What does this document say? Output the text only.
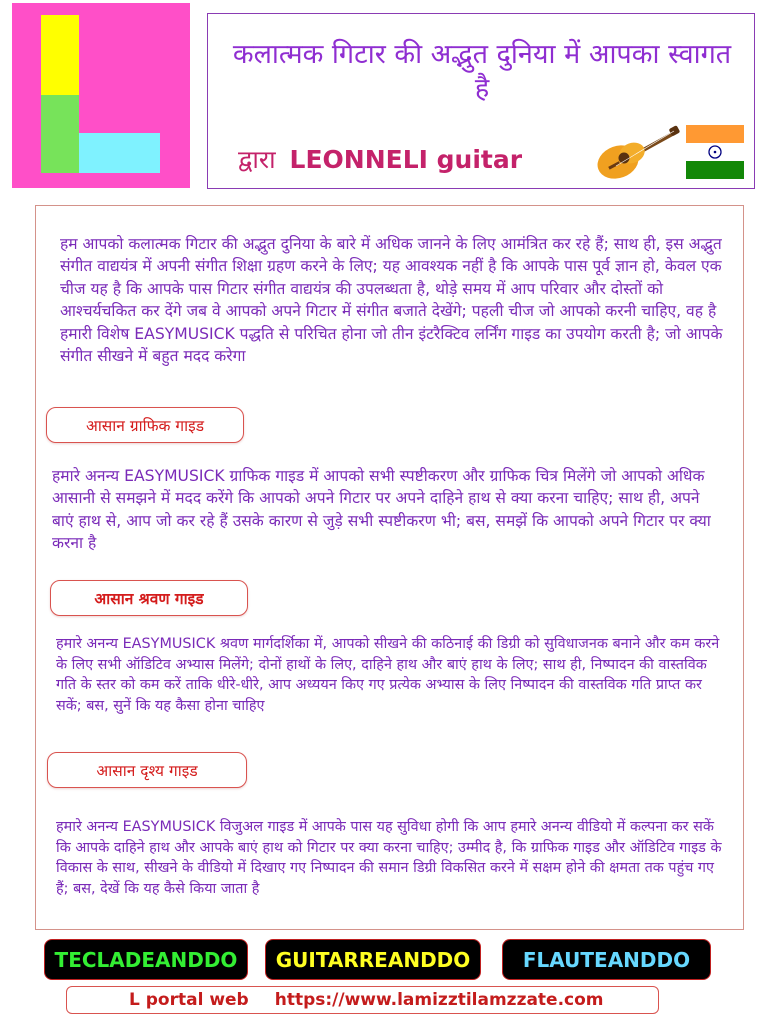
कलात्मक गिटार की अद्भुत दुनिया में आपका स्वागत है
द्वारा LEONNELI guitar

हम आपको कलात्मक गिटार की अद्भुत दुनिया के बारे में अधिक जानने के लिए आमंत्रित कर रहे हैं; साथ ही, इस अद्भुत संगीत वाद्ययंत्र में अपनी संगीत शिक्षा ग्रहण करने के लिए; यह आवश्यक नहीं है कि आपके पास पूर्व ज्ञान हो, केवल एक चीज यह है कि आपके पास गिटार संगीत वाद्ययंत्र की उपलब्धता है, थोड़े समय में आप परिवार और दोस्तों को आश्चर्यचकित कर देंगे जब वे आपको अपने गिटार में संगीत बजाते देखेंगे; पहली चीज जो आपको करनी चाहिए, वह है हमारी विशेष EASYMUSICK पद्धति से परिचित होना जो तीन इंटरैक्टिव लर्निंग गाइड का उपयोग करती है; जो आपके संगीत सीखने में बहुत मदद करेगा

आसान ग्राफिक गाइड

हमारे अनन्य EASYMUSICK ग्राफिक गाइड में आपको सभी स्पष्टीकरण और ग्राफिक चित्र मिलेंगे जो आपको अधिक आसानी से समझने में मदद करेंगे कि आपको अपने गिटार पर अपने दाहिने हाथ से क्या करना चाहिए; साथ ही, अपने बाएं हाथ से, आप जो कर रहे हैं उसके कारण से जुड़े सभी स्पष्टीकरण भी; बस, समझें कि आपको अपने गिटार पर क्या करना है

आसान श्रवण गाइड

हमारे अनन्य EASYMUSICK श्रवण मार्गदर्शिका में, आपको सीखने की कठिनाई की डिग्री को सुविधाजनक बनाने और कम करने के लिए सभी ऑडिटिव अभ्यास मिलेंगे; दोनों हाथों के लिए, दाहिने हाथ और बाएं हाथ के लिए; साथ ही, निष्पादन की वास्तविक गति के स्तर को कम करें ताकि धीरे-धीरे, आप अध्ययन किए गए प्रत्येक अभ्यास के लिए निष्पादन की वास्तविक गति प्राप्त कर सकें; बस, सुनें कि यह कैसा होना चाहिए

आसान दृश्य गाइड

हमारे अनन्य EASYMUSICK विजुअल गाइड में आपके पास यह सुविधा होगी कि आप हमारे अनन्य वीडियो में कल्पना कर सकें कि आपके दाहिने हाथ और आपके बाएं हाथ को गिटार पर क्या करना चाहिए; उम्मीद है, कि ग्राफिक गाइड और ऑडिटिव गाइड के विकास के साथ, सीखने के वीडियो में दिखाए गए निष्पादन की समान डिग्री विकसित करने में सक्षम होने की क्षमता तक पहुंच गए हैं; बस, देखें कि यह कैसे किया जाता है

TECLADEANDDO	GUITARREANDDO	FLAUTEANDDO
L portal web https://www.lamizztilamzzate.com
